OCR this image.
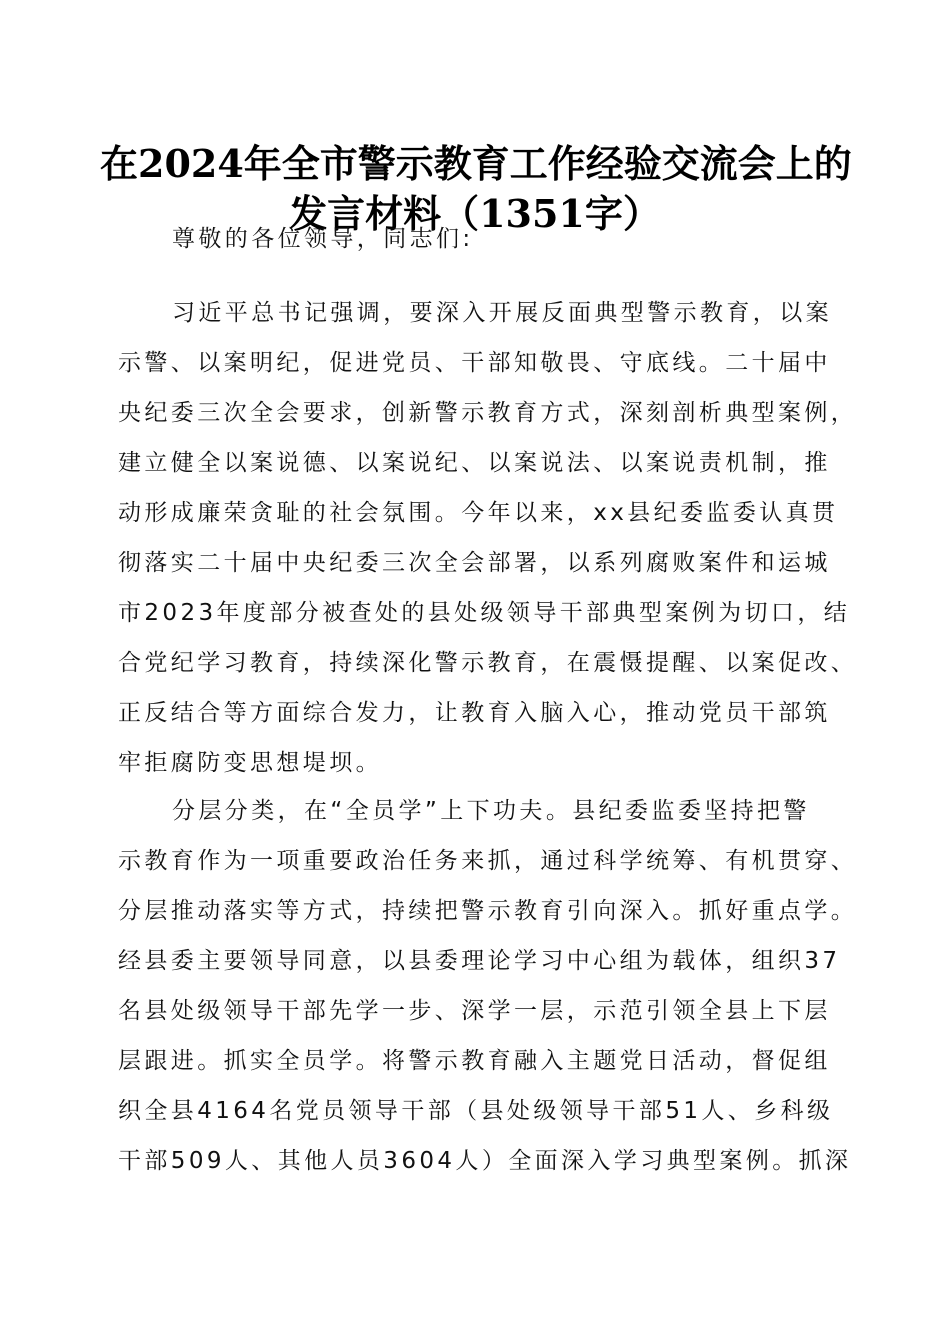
在2024年全市警示教育工作经验交流会上的
发言材料（1351字）
尊敬的各位领导，同志们:
习近平总书记强调，要深入开展反面典型警示教育，以案
示警、以案明纪，促进党员、干部知敬畏、守底线。二十届中
央纪委三次全会要求，创新警示教育方式，深刻剖析典型案例，
建立健全以案说德、以案说纪、以案说法、以案说责机制，推
动形成廉荣贪耻的社会氛围。今年以来，xx县纪委监委认真贯
彻落实二十届中央纪委三次全会部署，以系列腐败案件和运城
市2023年度部分被查处的县处级领导干部典型案例为切口，结
合党纪学习教育，持续深化警示教育，在震慑提醒、以案促改、
正反结合等方面综合发力，让教育入脑入心，推动党员干部筑
牢拒腐防变思想堤坝。
分层分类，在“全员学”上下功夫。县纪委监委坚持把警
示教育作为一项重要政治任务来抓，通过科学统筹、有机贯穿、
分层推动落实等方式，持续把警示教育引向深入。抓好重点学。
经县委主要领导同意，以县委理论学习中心组为载体，组织37
名县处级领导干部先学一步、深学一层，示范引领全县上下层
层跟进。抓实全员学。将警示教育融入主题党日活动，督促组
织全县4164名党员领导干部（县处级领导干部51人、乡科级
干部509人、其他人员3604人）全面深入学习典型案例。抓深
